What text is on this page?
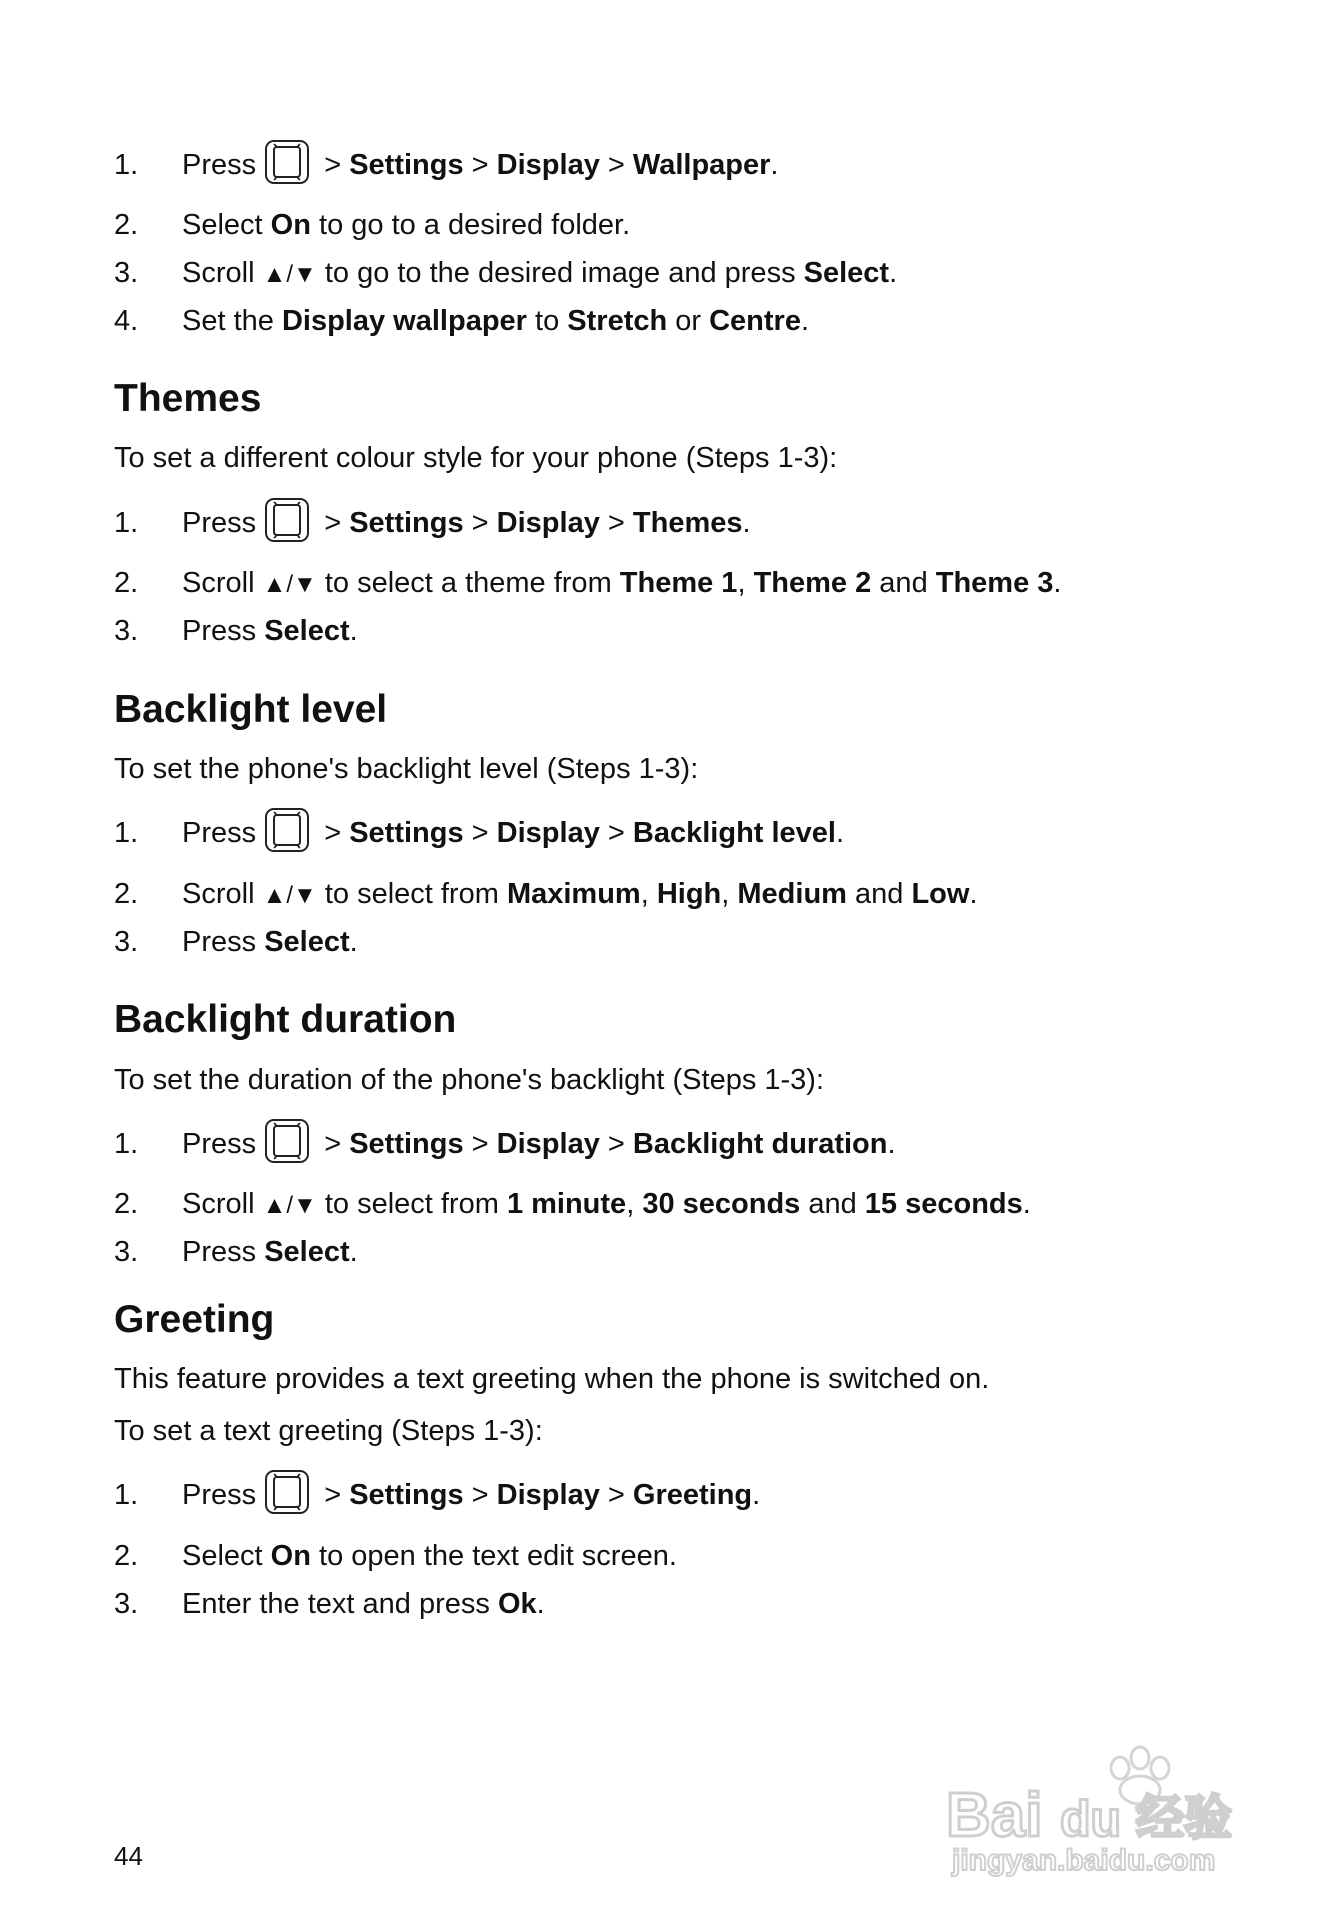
1. Press
> Settings > Display > Wallpaper.
2. Select On to go to a desired folder.
3. Scroll ▲/▼ to go to the desired image and press Select.
4. Set the Display wallpaper to Stretch or Centre.
Themes
To set a different colour style for your phone (Steps 1-3):
1. Press
> Settings > Display > Themes.
2. Scroll ▲/▼ to select a theme from Theme 1, Theme 2 and Theme 3.
3. Press Select.
Backlight level
To set the phone's backlight level (Steps 1-3):
1. Press
> Settings > Display > Backlight level.
2. Scroll ▲/▼ to select from Maximum, High, Medium and Low.
3. Press Select.
Backlight duration
To set the duration of the phone's backlight (Steps 1-3):
1. Press
> Settings > Display > Backlight duration.
2. Scroll ▲/▼ to select from 1 minute, 30 seconds and 15 seconds.
3. Press Select.
Greeting
This feature provides a text greeting when the phone is switched on.
To set a text greeting (Steps 1-3):
1. Press
> Settings > Display > Greeting.
2. Select On to open the text edit screen.
3. Enter the text and press Ok.
44
Bai du 经验
jingyan.baidu.com
